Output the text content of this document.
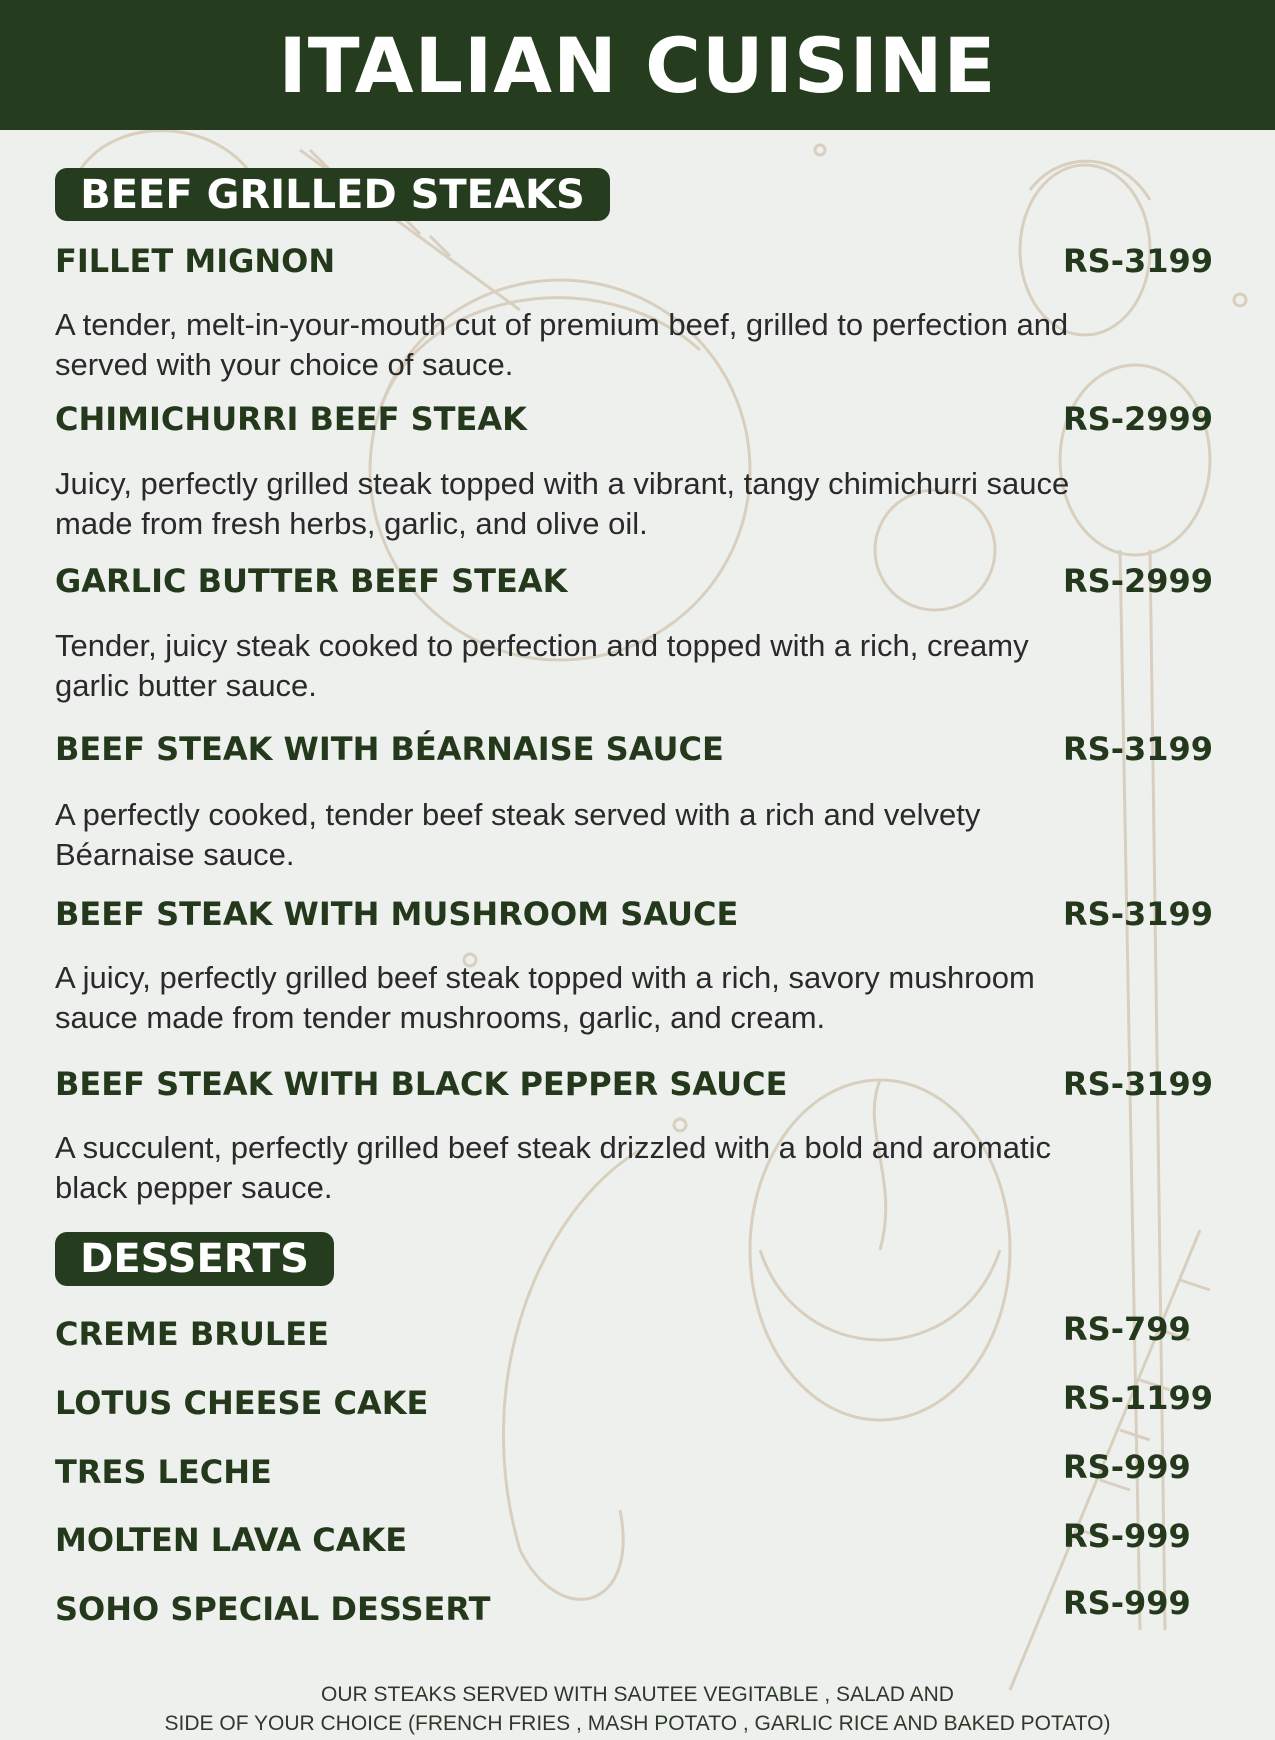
ITALIAN CUISINE
BEEF GRILLED STEAKS
FILLET MIGNON	RS-3199
A tender, melt-in-your-mouth cut of premium beef, grilled to perfection and served with your choice of sauce.
CHIMICHURRI BEEF STEAK	RS-2999
Juicy, perfectly grilled steak topped with a vibrant, tangy chimichurri sauce made from fresh herbs, garlic, and olive oil.
GARLIC BUTTER BEEF STEAK	RS-2999
Tender, juicy steak cooked to perfection and topped with a rich, creamy garlic butter sauce.
BEEF STEAK WITH BÉARNAISE SAUCE	RS-3199
A perfectly cooked, tender beef steak served with a rich and velvety Béarnaise sauce.
BEEF STEAK WITH MUSHROOM SAUCE	RS-3199
A juicy, perfectly grilled beef steak topped with a rich, savory mushroom sauce made from tender mushrooms, garlic, and cream.
BEEF STEAK WITH BLACK PEPPER SAUCE	RS-3199
A succulent, perfectly grilled beef steak drizzled with a bold and aromatic black pepper sauce.
DESSERTS
CREME BRULEE	RS-799
LOTUS CHEESE CAKE	RS-1199
TRES LECHE	RS-999
MOLTEN LAVA CAKE	RS-999
SOHO SPECIAL DESSERT	RS-999
OUR STEAKS SERVED WITH SAUTEE VEGITABLE , SALAD AND
SIDE OF YOUR CHOICE (FRENCH FRIES , MASH POTATO , GARLIC RICE AND BAKED POTATO)
